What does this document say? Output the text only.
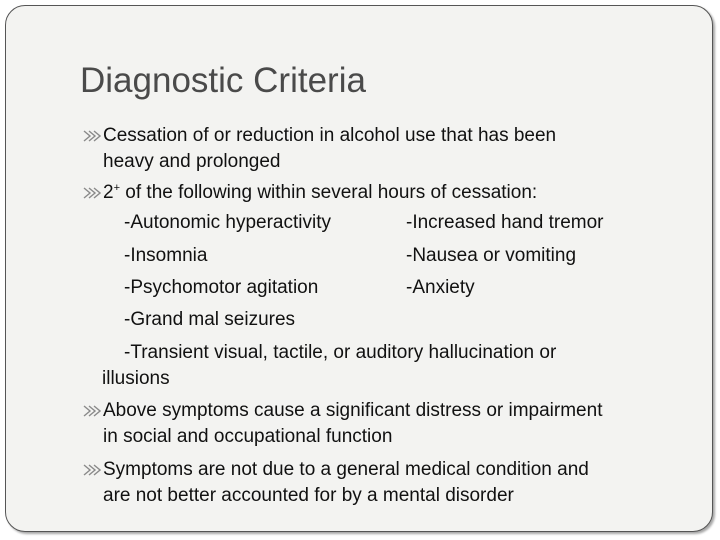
Diagnostic Criteria
Cessation of or reduction in alcohol use that has been
heavy and prolonged
2+ of the following within several hours of cessation:
-Autonomic hyperactivity	-Increased hand tremor
-Insomnia	-Nausea or vomiting
-Psychomotor agitation	-Anxiety
-Grand mal seizures
-Transient visual, tactile, or auditory hallucination or
illusions
Above symptoms cause a significant distress or impairment
in social and occupational function
Symptoms are not due to a general medical condition and
are not better accounted for by a mental disorder
